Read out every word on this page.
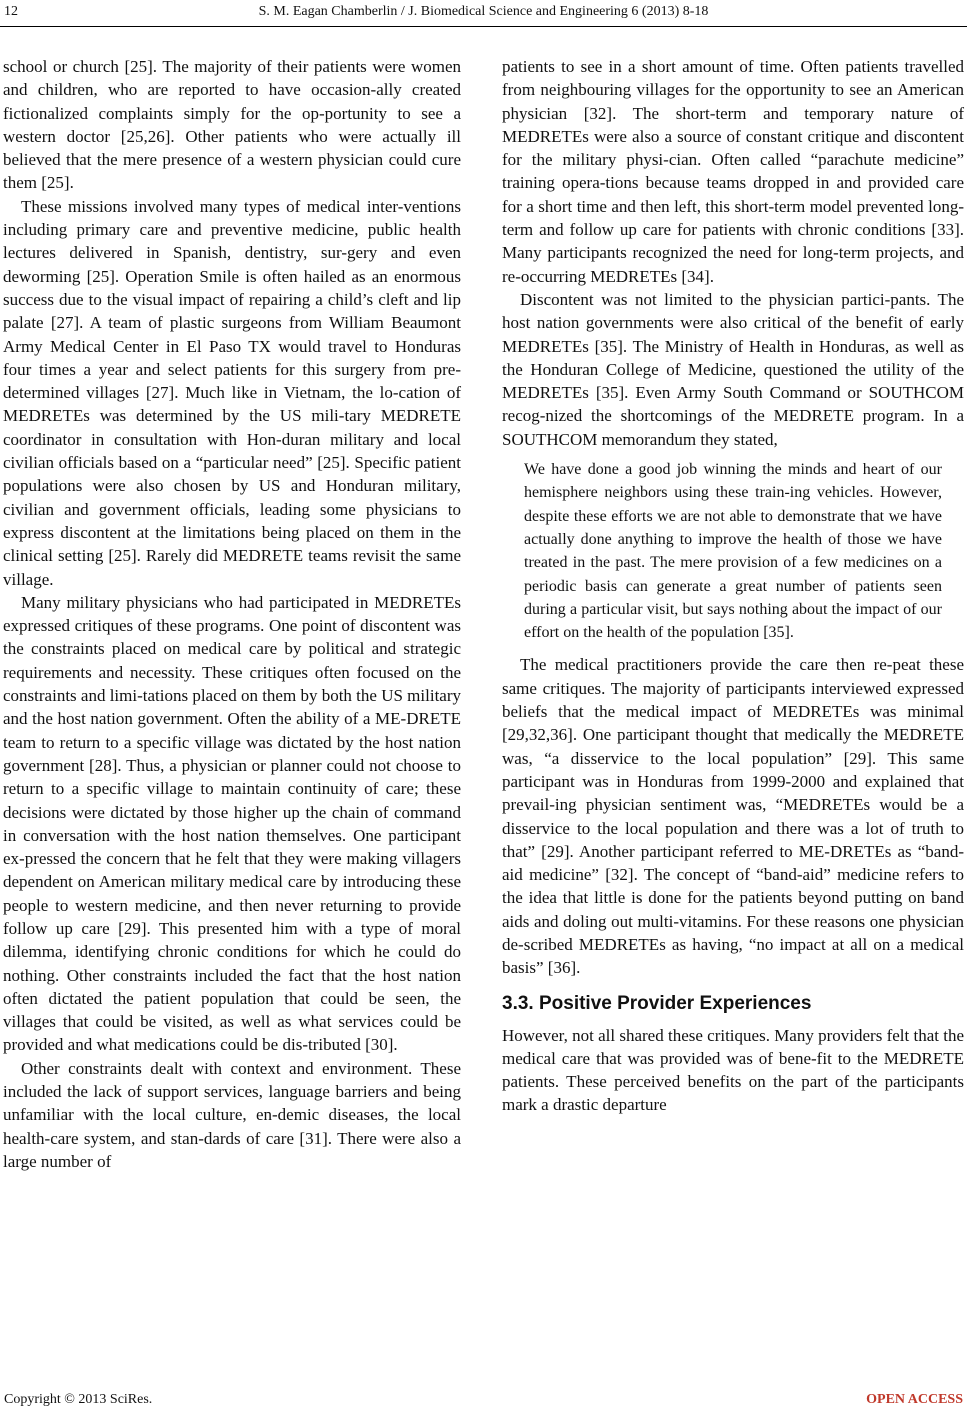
12	S. M. Eagan Chamberlin / J. Biomedical Science and Engineering 6 (2013) 8-18

school or church [25]. The majority of their patients were women and children, who are reported to have occasion-ally created fictionalized complaints simply for the op-portunity to see a western doctor [25,26]. Other patients who were actually ill believed that the mere presence of a western physician could cure them [25].

These missions involved many types of medical inter-ventions including primary care and preventive medicine, public health lectures delivered in Spanish, dentistry, sur-gery and even deworming [25]. Operation Smile is often hailed as an enormous success due to the visual impact of repairing a child’s cleft and lip palate [27]. A team of plastic surgeons from William Beaumont Army Medical Center in El Paso TX would travel to Honduras four times a year and select patients for this surgery from pre-determined villages [27]. Much like in Vietnam, the lo-cation of MEDRETEs was determined by the US mili-tary MEDRETE coordinator in consultation with Hon-duran military and local civilian officials based on a “particular need” [25]. Specific patient populations were also chosen by US and Honduran military, civilian and government officials, leading some physicians to express discontent at the limitations being placed on them in the clinical setting [25]. Rarely did MEDRETE teams revisit the same village.

Many military physicians who had participated in MEDRETEs expressed critiques of these programs. One point of discontent was the constraints placed on medical care by political and strategic requirements and necessity. These critiques often focused on the constraints and limi-tations placed on them by both the US military and the host nation government. Often the ability of a ME-DRETE team to return to a specific village was dictated by the host nation government [28]. Thus, a physician or planner could not choose to return to a specific village to maintain continuity of care; these decisions were dictated by those higher up the chain of command in conversation with the host nation themselves. One participant ex-pressed the concern that he felt that they were making villagers dependent on American military medical care by introducing these people to western medicine, and then never returning to provide follow up care [29]. This presented him with a type of moral dilemma, identifying chronic conditions for which he could do nothing. Other constraints included the fact that the host nation often dictated the patient population that could be seen, the villages that could be visited, as well as what services could be provided and what medications could be dis-tributed [30].

Other constraints dealt with context and environment. These included the lack of support services, language barriers and being unfamiliar with the local culture, en-demic diseases, the local health-care system, and stan-dards of care [31]. There were also a large number of

patients to see in a short amount of time. Often patients travelled from neighbouring villages for the opportunity to see an American physician [32]. The short-term and temporary nature of MEDRETEs were also a source of constant critique and discontent for the military physi-cian. Often called “parachute medicine” training opera-tions because teams dropped in and provided care for a short time and then left, this short-term model prevented long-term and follow up care for patients with chronic conditions [33]. Many participants recognized the need for long-term projects, and re-occurring MEDRETEs [34].

Discontent was not limited to the physician partici-pants. The host nation governments were also critical of the benefit of early MEDRETEs [35]. The Ministry of Health in Honduras, as well as the Honduran College of Medicine, questioned the utility of the MEDRETEs [35]. Even Army South Command or SOUTHCOM recog-nized the shortcomings of the MEDRETE program. In a SOUTHCOM memorandum they stated,

We have done a good job winning the minds and heart of our hemisphere neighbors using these train-ing vehicles. However, despite these efforts we are not able to demonstrate that we have actually done anything to improve the health of those we have treated in the past. The mere provision of a few medicines on a periodic basis can generate a great number of patients seen during a particular visit, but says nothing about the impact of our effort on the health of the population [35].

The medical practitioners provide the care then re-peat these same critiques. The majority of participants interviewed expressed beliefs that the medical impact of MEDRETEs was minimal [29,32,36]. One participant thought that medically the MEDRETE was, “a disservice to the local population” [29]. This same participant was in Honduras from 1999-2000 and explained that prevail-ing physician sentiment was, “MEDRETEs would be a disservice to the local population and there was a lot of truth to that” [29]. Another participant referred to ME-DRETEs as “band-aid medicine” [32]. The concept of “band-aid” medicine refers to the idea that little is done for the patients beyond putting on band aids and doling out multi-vitamins. For these reasons one physician de-scribed MEDRETEs as having, “no impact at all on a medical basis” [36].

3.3. Positive Provider Experiences

However, not all shared these critiques. Many providers felt that the medical care that was provided was of bene-fit to the MEDRETE patients. These perceived benefits on the part of the participants mark a drastic departure

Copyright © 2013 SciRes.	OPEN ACCESS
